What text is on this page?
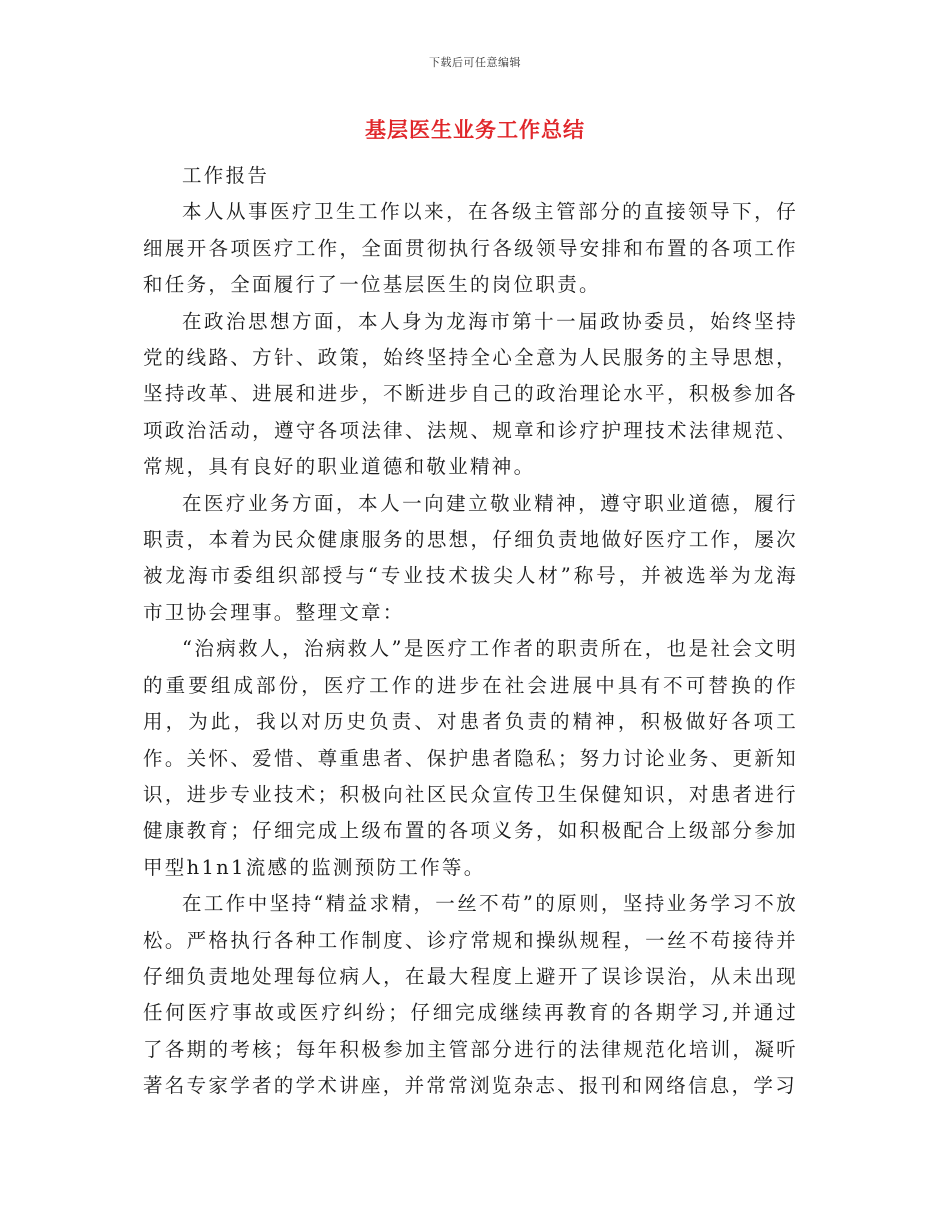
下载后可任意编辑
基层医生业务工作总结

工作报告

本人从事医疗卫生工作以来，在各级主管部分的直接领导下，仔细展开各项医疗工作，全面贯彻执行各级领导安排和布置的各项工作和任务，全面履行了一位基层医生的岗位职责。

在政治思想方面，本人身为龙海市第十一届政协委员，始终坚持党的线路、方针、政策，始终坚持全心全意为人民服务的主导思想，坚持改革、进展和进步，不断进步自己的政治理论水平，积极参加各项政治活动，遵守各项法律、法规、规章和诊疗护理技术法律规范、常规，具有良好的职业道德和敬业精神。

在医疗业务方面，本人一向建立敬业精神，遵守职业道德，履行职责，本着为民众健康服务的思想，仔细负责地做好医疗工作，屡次被龙海市委组织部授与“专业技术拔尖人材”称号，并被选举为龙海市卫协会理事。整理文章：

“治病救人，治病救人”是医疗工作者的职责所在，也是社会文明的重要组成部份，医疗工作的进步在社会进展中具有不可替换的作用，为此，我以对历史负责、对患者负责的精神，积极做好各项工作。关怀、爱惜、尊重患者、保护患者隐私；努力讨论业务、更新知识，进步专业技术；积极向社区民众宣传卫生保健知识，对患者进行健康教育；仔细完成上级布置的各项义务，如积极配合上级部分参加甲型h1n1流感的监测预防工作等。

在工作中坚持“精益求精，一丝不苟”的原则，坚持业务学习不放松。严格执行各种工作制度、诊疗常规和操纵规程，一丝不苟接待并仔细负责地处理每位病人，在最大程度上避开了误诊误治，从未出现任何医疗事故或医疗纠纷；仔细完成继续再教育的各期学习,并通过了各期的考核；每年积极参加主管部分进行的法律规范化培训，凝听著名专家学者的学术讲座，并常常浏览杂志、报刊和网络信息，学习
